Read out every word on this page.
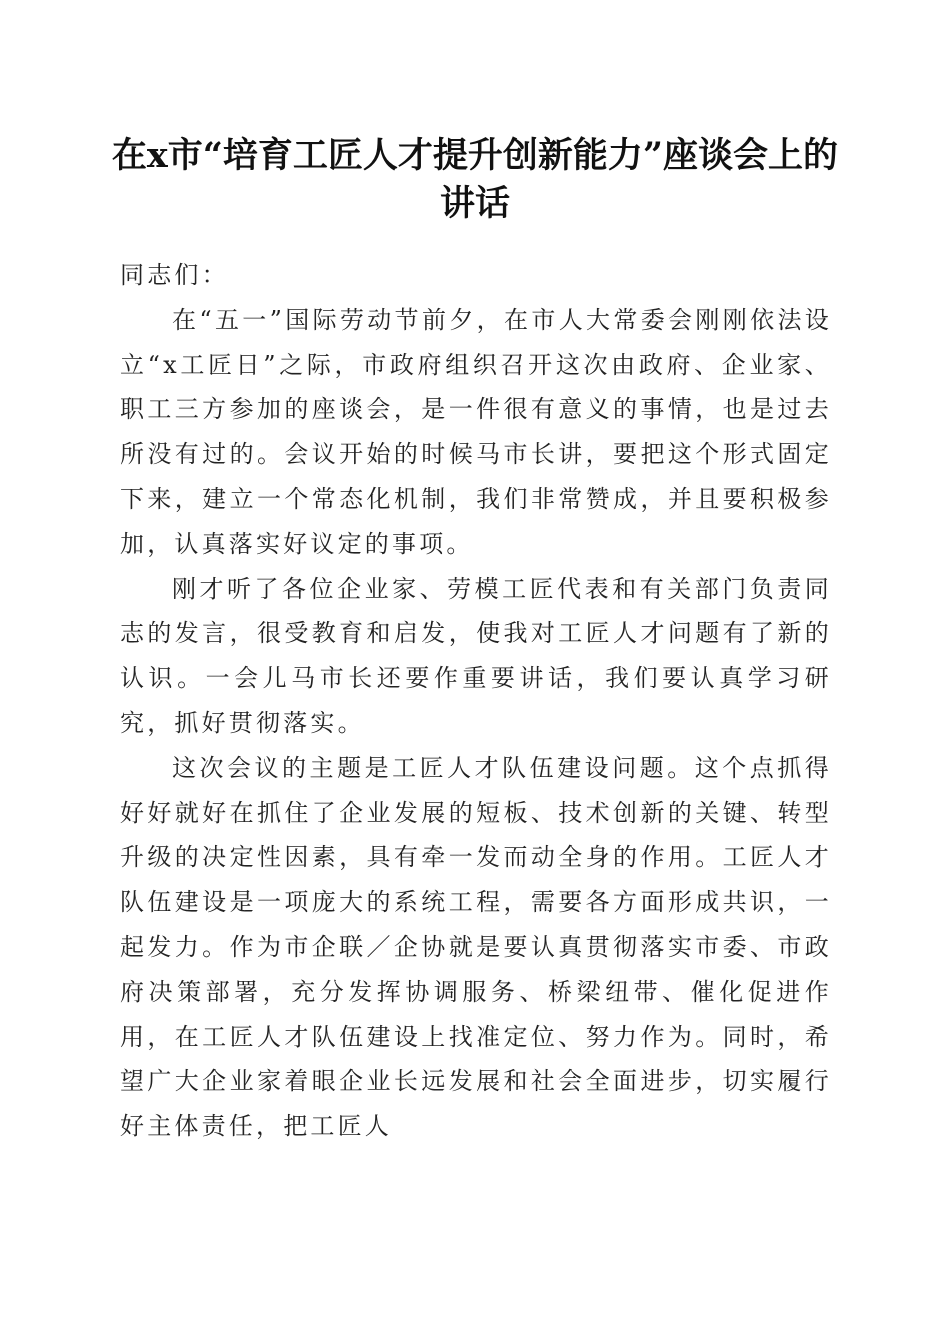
在x市“培育工匠人才提升创新能力”座谈会上的讲话

同志们：

在“五一”国际劳动节前夕，在市人大常委会刚刚依法设立“x工匠日”之际，市政府组织召开这次由政府、企业家、职工三方参加的座谈会，是一件很有意义的事情，也是过去所没有过的。会议开始的时候马市长讲，要把这个形式固定下来，建立一个常态化机制，我们非常赞成，并且要积极参加，认真落实好议定的事项。

刚才听了各位企业家、劳模工匠代表和有关部门负责同志的发言，很受教育和启发，使我对工匠人才问题有了新的认识。一会儿马市长还要作重要讲话，我们要认真学习研究，抓好贯彻落实。

这次会议的主题是工匠人才队伍建设问题。这个点抓得好好就好在抓住了企业发展的短板、技术创新的关键、转型升级的决定性因素，具有牵一发而动全身的作用。工匠人才队伍建设是一项庞大的系统工程，需要各方面形成共识，一起发力。作为市企联／企协就是要认真贯彻落实市委、市政府决策部署，充分发挥协调服务、桥梁纽带、催化促进作用，在工匠人才队伍建设上找准定位、努力作为。同时，希望广大企业家着眼企业长远发展和社会全面进步，切实履行好主体责任，把工匠人
